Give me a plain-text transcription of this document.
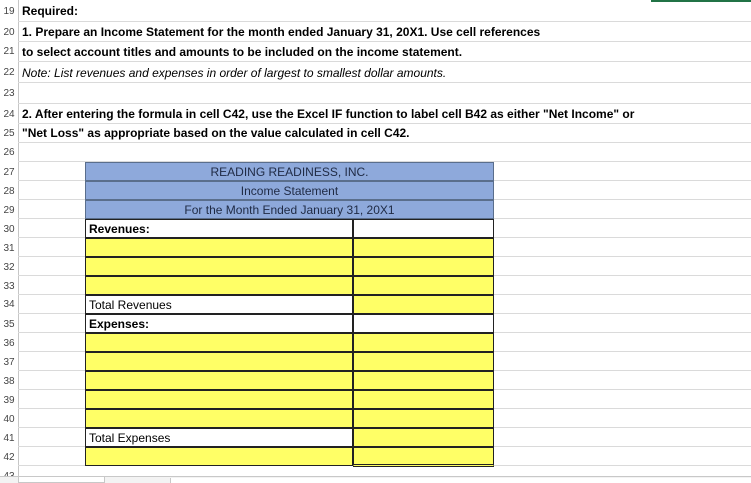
19
20
21
22
23
24
25
26
27
28
29
30
31
32
33
34
35
36
37
38
39
40
41
42
Required:
1. Prepare an Income Statement for the month ended January 31, 20X1. Use cell references
to select account titles and amounts to be included on the income statement.
Note: List revenues and expenses in order of largest to smallest dollar amounts.
2. After entering the formula in cell C42, use the Excel IF function to label cell B42 as either "Net Income" or
"Net Loss" as appropriate based on the value calculated in cell C42.
READING READINESS, INC.
Income Statement
For the Month Ended January 31, 20X1
Revenues:
Total Revenues
Expenses:
Total Expenses
